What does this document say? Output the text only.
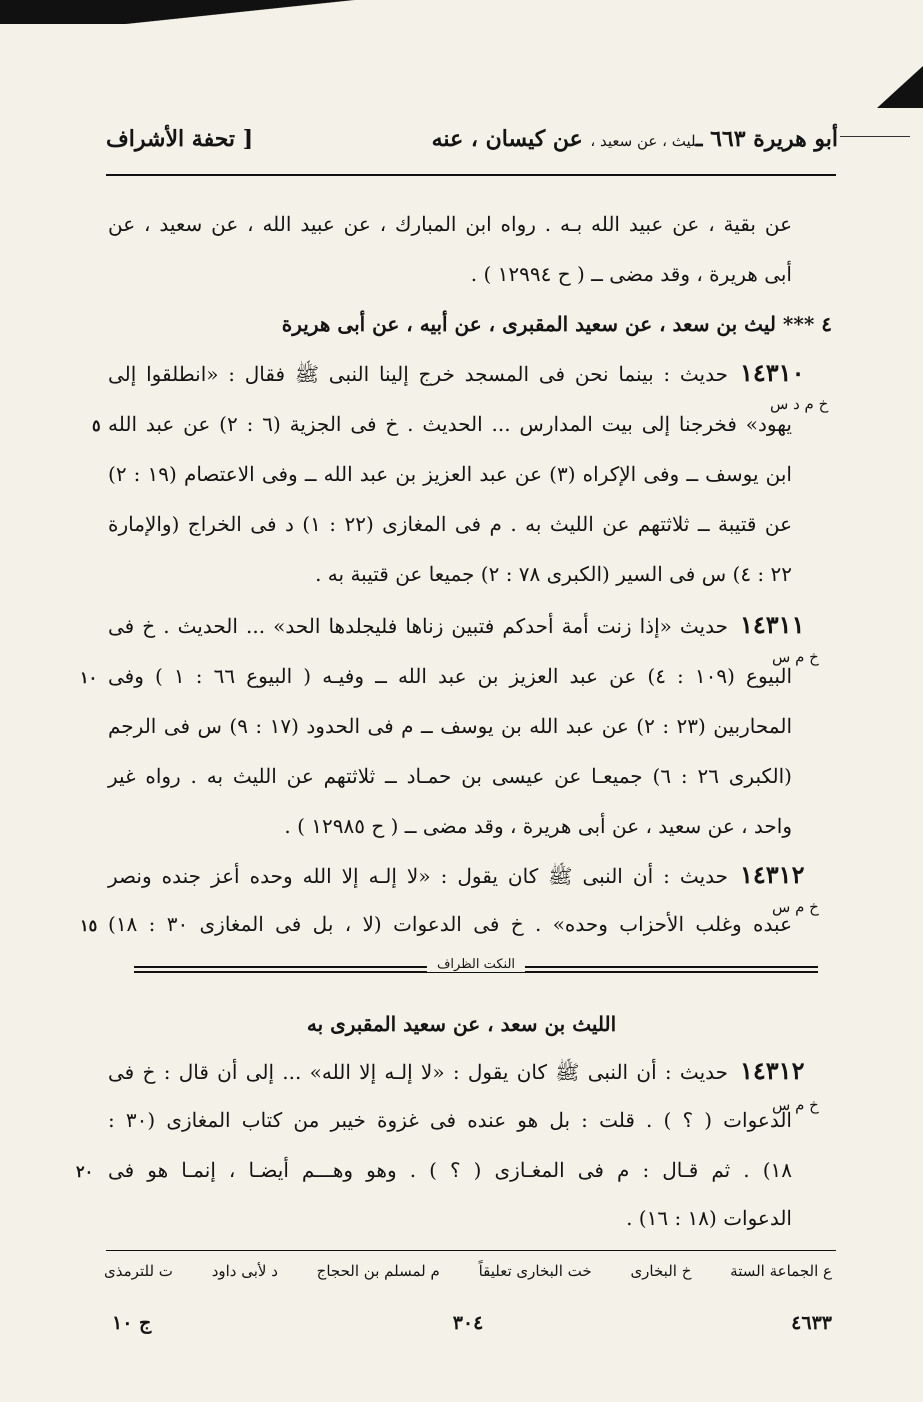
أبو هريرة ٦٦٣ ـليث ، عن سعيد ، عن كيسان ، عنه
[ تحفة الأشراف
عن بقية ، عن عبيد الله بـه . رواه ابن المبارك ، عن عبيد الله ، عن سعيد ، عن
أبى هريرة ، وقد مضى ــ ( ح ١٢٩٩٤ ) .
٤ *** ليث بن سعد ، عن سعيد المقبرى ، عن أبيه ، عن أبى هريرة
حديث : بينما نحن فى المسجد خرج إلينا النبى ﷺ فقال : «انطلقوا إلى ١٤٣١٠
خ م د س
يهود» فخرجنا إلى بيت المدارس ... الحديث . خ فى الجزية (٦ : ٢) عن عبد الله
٥
ابن يوسف ــ وفى الإكراه (٣) عن عبد العزيز بن عبد الله ــ وفى الاعتصام (١٩ : ٢)
عن قتيبة ــ ثلاثتهم عن الليث به . م فى المغازى (٢٢ : ١) د فى الخراج (والإمارة
٢٢ : ٤) س فى السير (الكبرى ٧٨ : ٢) جميعا عن قتيبة به .
حديث «إذا زنت أمة أحدكم فتبين زناها فليجلدها الحد» ... الحديث . خ فى ١٤٣١١
خ م س
البيوع (١٠٩ : ٤) عن عبد العزيز بن عبد الله ــ وفيـه ( البيوع ٦٦ : ١ ) وفى
١٠
المحاربين (٢٣ : ٢) عن عبد الله بن يوسف ــ م فى الحدود (١٧ : ٩) س فى الرجم
(الكبرى ٢٦ : ٦) جميعـا عن عيسى بن حمـاد ــ ثلاثتهم عن الليث به . رواه غير
واحد ، عن سعيد ، عن أبى هريرة ، وقد مضى ــ ( ح ١٢٩٨٥ ) .
حديث : أن النبى ﷺ كان يقول : «لا إلـه إلا الله وحده أعز جنده ونصر ١٤٣١٢
خ م س
عبده وغلب الأحزاب وحده» . خ فى الدعوات (لا ، بل فى المغازى ٣٠ : ١٨)
١٥
النكت الظراف
الليث بن سعد ، عن سعيد المقبرى به
حديث : أن النبى ﷺ كان يقول : «لا إلـه إلا الله» ... إلى أن قال : خ فى ١٤٣١٢
خ م س
الدعوات ( ؟ ) . قلت : بل هو عنده فى غزوة خيبر من كتاب المغازى (٣٠ :
١٨) . ثم قـال : م فى المغـازى ( ؟ ) . وهو وهـــم أيضـا ، إنمـا هو فى
٢٠
الدعوات (١٨ : ١٦) .
ع الجماعة الستة
خ البخارى
خت البخارى تعليقاً
م لمسلم بن الحجاج
د لأبى داود
ت للترمذى
٤٦٣٣
٣٠٤
ج ١٠
